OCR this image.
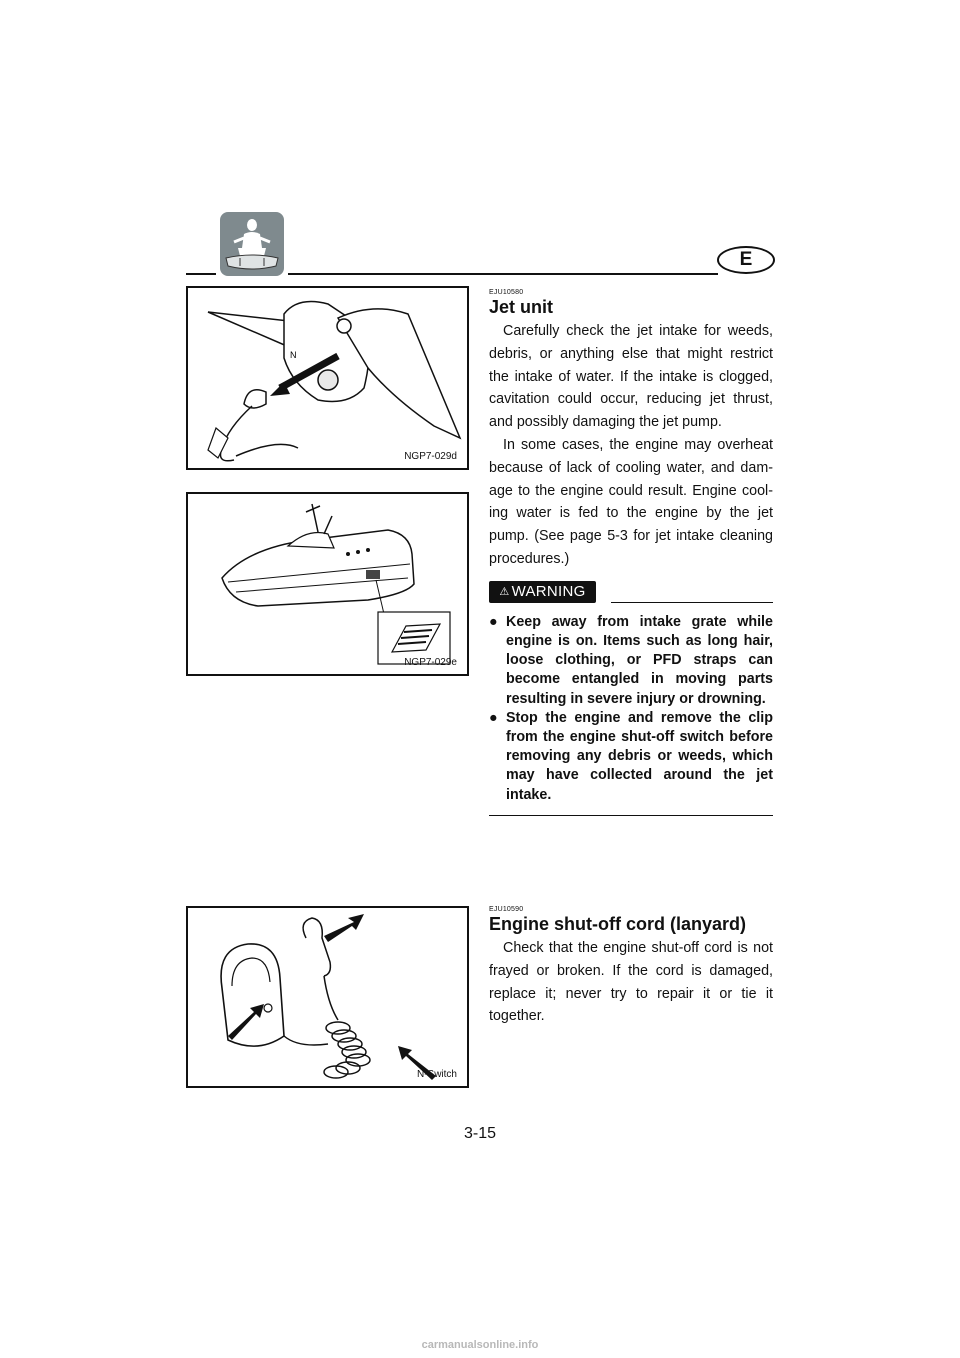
E
N
NGP7-029d
NGP7-029e
EJU10580
Jet unit

Carefully check the jet intake for weeds, debris, or anything else that might restrict the intake of water. If the intake is clogged, cavitation could occur, reducing jet thrust, and possibly damaging the jet pump.

In some cases, the engine may overheat because of lack of cooling water, and dam-age to the engine could result. Engine cool-ing water is fed to the engine by the jet pump. (See page 5-3 for jet intake cleaning procedures.)

⚠ WARNING
● Keep away from intake grate while engine is on. Items such as long hair, loose clothing, or PFD straps can become entangled in moving parts resulting in severe injury or drowning.
● Stop the engine and remove the clip from the engine shut-off switch before removing any debris or weeds, which may have collected around the jet intake.
N-Switch
EJU10590
Engine shut-off cord (lanyard)

Check that the engine shut-off cord is not frayed or broken. If the cord is damaged, replace it; never try to repair it or tie it together.

3-15
carmanualsonline.info
